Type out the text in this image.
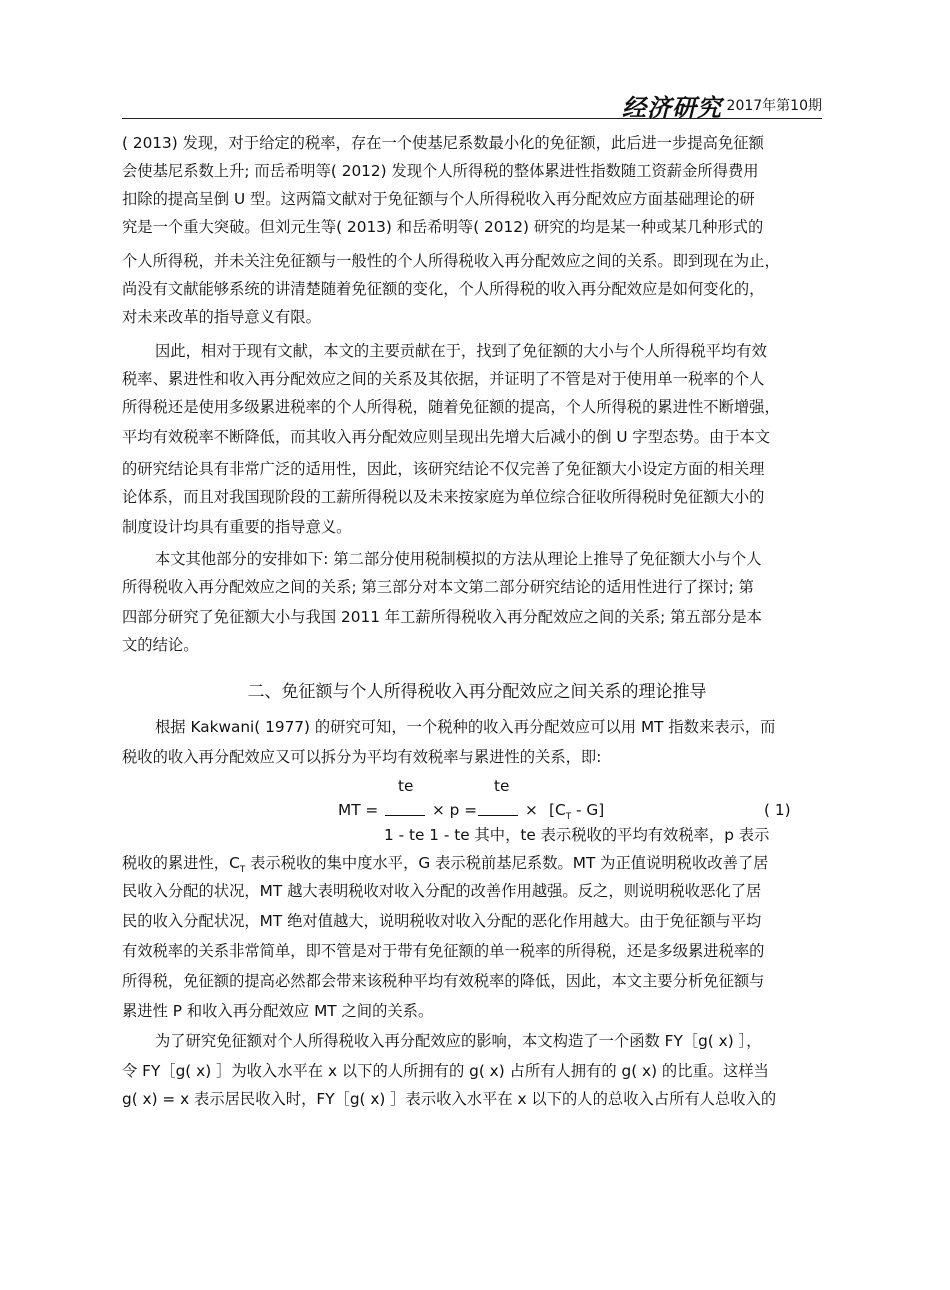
经济研究 2017年第10期
( 2013) 发现，对于给定的税率，存在一个使基尼系数最小化的免征额，此后进一步提高免征额
会使基尼系数上升; 而岳希明等( 2012) 发现个人所得税的整体累进性指数随工资薪金所得费用
扣除的提高呈倒 U 型。这两篇文献对于免征额与个人所得税收入再分配效应方面基础理论的研
究是一个重大突破。但刘元生等( 2013) 和岳希明等( 2012) 研究的均是某一种或某几种形式的
个人所得税，并未关注免征额与一般性的个人所得税收入再分配效应之间的关系。即到现在为止，
尚没有文献能够系统的讲清楚随着免征额的变化，个人所得税的收入再分配效应是如何变化的，
对未来改革的指导意义有限。
因此，相对于现有文献，本文的主要贡献在于，找到了免征额的大小与个人所得税平均有效
税率、累进性和收入再分配效应之间的关系及其依据，并证明了不管是对于使用单一税率的个人
所得税还是使用多级累进税率的个人所得税，随着免征额的提高，个人所得税的累进性不断增强，
平均有效税率不断降低，而其收入再分配效应则呈现出先增大后减小的倒 U 字型态势。由于本文
的研究结论具有非常广泛的适用性，因此，该研究结论不仅完善了免征额大小设定方面的相关理
论体系，而且对我国现阶段的工薪所得税以及未来按家庭为单位综合征收所得税时免征额大小的
制度设计均具有重要的指导意义。
本文其他部分的安排如下: 第二部分使用税制模拟的方法从理论上推导了免征额大小与个人
所得税收入再分配效应之间的关系; 第三部分对本文第二部分研究结论的适用性进行了探讨; 第
四部分研究了免征额大小与我国 2011 年工薪所得税收入再分配效应之间的关系; 第五部分是本
文的结论。
二、免征额与个人所得税收入再分配效应之间关系的理论推导
根据 Kakwani( 1977) 的研究可知，一个税种的收入再分配效应可以用 MT 指数来表示，而
税收的收入再分配效应又可以拆分为平均有效税率与累进性的关系，即:
te	te
MT =	× p =	× $[C_T - G]$	( 1)
1 - te 1 - te 其中，te 表示税收的平均有效税率，p 表示
税收的累进性，$C_T$ 表示税收的集中度水平，G 表示税前基尼系数。MT 为正值说明税收改善了居
民收入分配的状况，MT 越大表明税收对收入分配的改善作用越强。反之，则说明税收恶化了居
民的收入分配状况，MT 绝对值越大，说明税收对收入分配的恶化作用越大。由于免征额与平均
有效税率的关系非常简单，即不管是对于带有免征额的单一税率的所得税，还是多级累进税率的
所得税，免征额的提高必然都会带来该税种平均有效税率的降低，因此，本文主要分析免征额与
累进性 P 和收入再分配效应 MT 之间的关系。
为了研究免征额对个人所得税收入再分配效应的影响，本文构造了一个函数 FY［g( x) ］，
令 FY［g( x) ］为收入水平在 x 以下的人所拥有的 g( x) 占所有人拥有的 g( x) 的比重。这样当
g( x) = x 表示居民收入时，FY［g( x) ］表示收入水平在 x 以下的人的总收入占所有人总收入的
